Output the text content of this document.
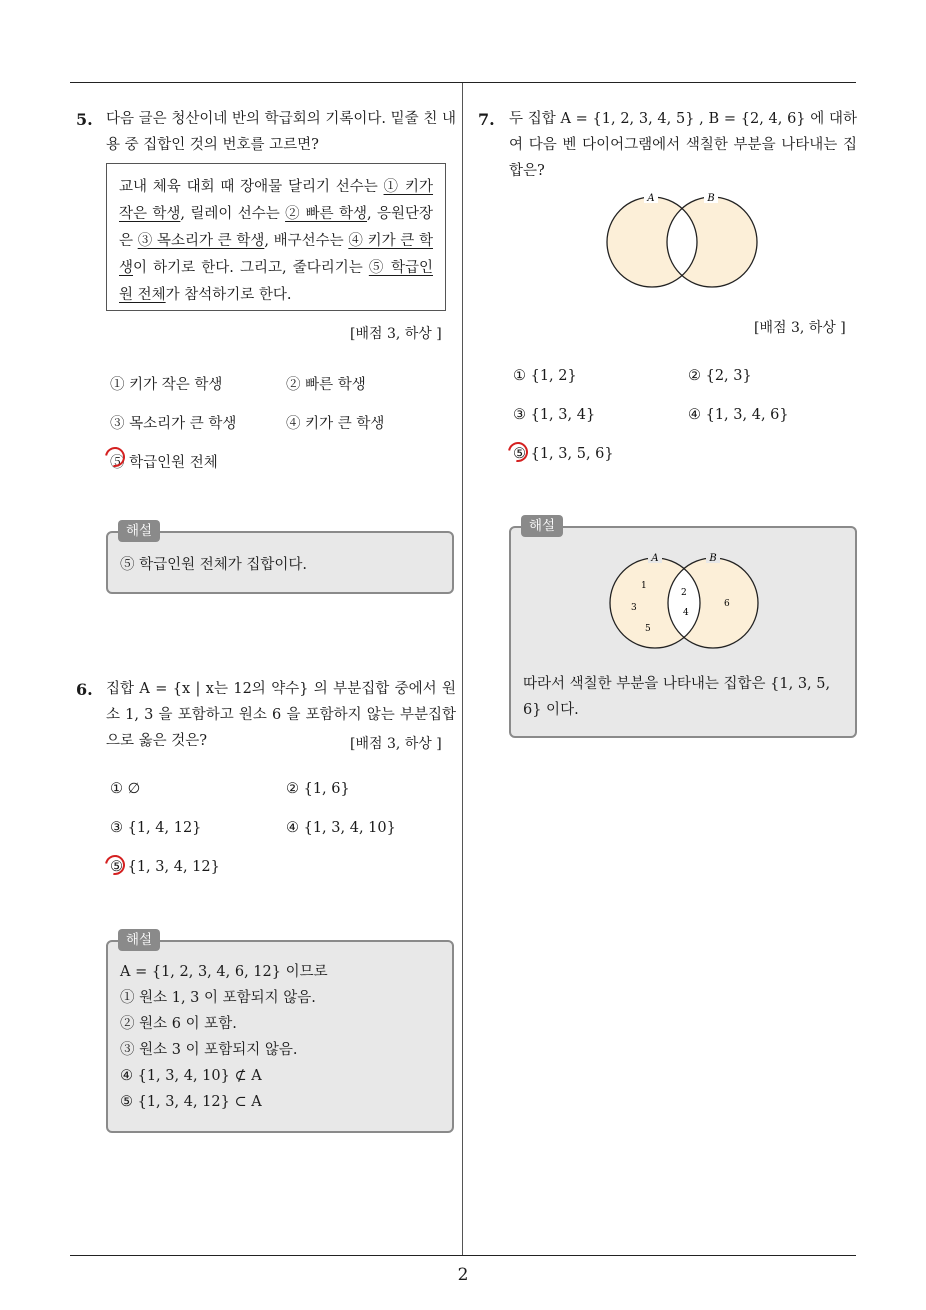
2
5. 다음 글은 청산이네 반의 학급회의 기록이다. 밑줄 친 내용 중 집합인 것의 번호를 고르면?
교내 체육 대회 때 장애물 달리기 선수는 ① 키가 작은 학생, 릴레이 선수는 ② 빠른 학생, 응원단장은 ③ 목소리가 큰 학생, 배구선수는 ④ 키가 큰 학생이 하기로 한다. 그리고, 줄다리기는 ⑤ 학급인원 전체가 참석하기로 한다.
[배점 3, 하상 ]
① 키가 작은 학생	② 빠른 학생
③ 목소리가 큰 학생	④ 키가 큰 학생
⑤ 학급인원 전체
⑤ 학급인원 전체가 집합이다.
해설
6. 집합 A = {x | x는 12의 약수} 의 부분집합 중에서 원소 1, 3 을 포함하고 원소 6 을 포함하지 않는 부분집합으로 옳은 것은?	[배점 3, 하상 ]
① ∅	② {1, 6}
③ {1, 4, 12}	④ {1, 3, 4, 10}
⑤ {1, 3, 4, 12}
A = {1, 2, 3, 4, 6, 12} 이므로
① 원소 1, 3 이 포함되지 않음.
② 원소 6 이 포함.
③ 원소 3 이 포함되지 않음.
④ {1, 3, 4, 10} ⊄ A
⑤ {1, 3, 4, 12} ⊂ A
해설
7. 두 집합 A = {1, 2, 3, 4, 5} , B = {2, 4, 6} 에 대하여 다음 벤 다이어그램에서 색칠한 부분을 나타내는 집합은?
A	B
[배점 3, 하상 ]
① {1, 2}	② {2, 3}
③ {1, 3, 4}	④ {1, 3, 4, 6}
⑤ {1, 3, 5, 6}
A	B
1
3
5
2
4
6
따라서 색칠한 부분을 나타내는 집합은 {1, 3, 5, 6} 이다.
해설
